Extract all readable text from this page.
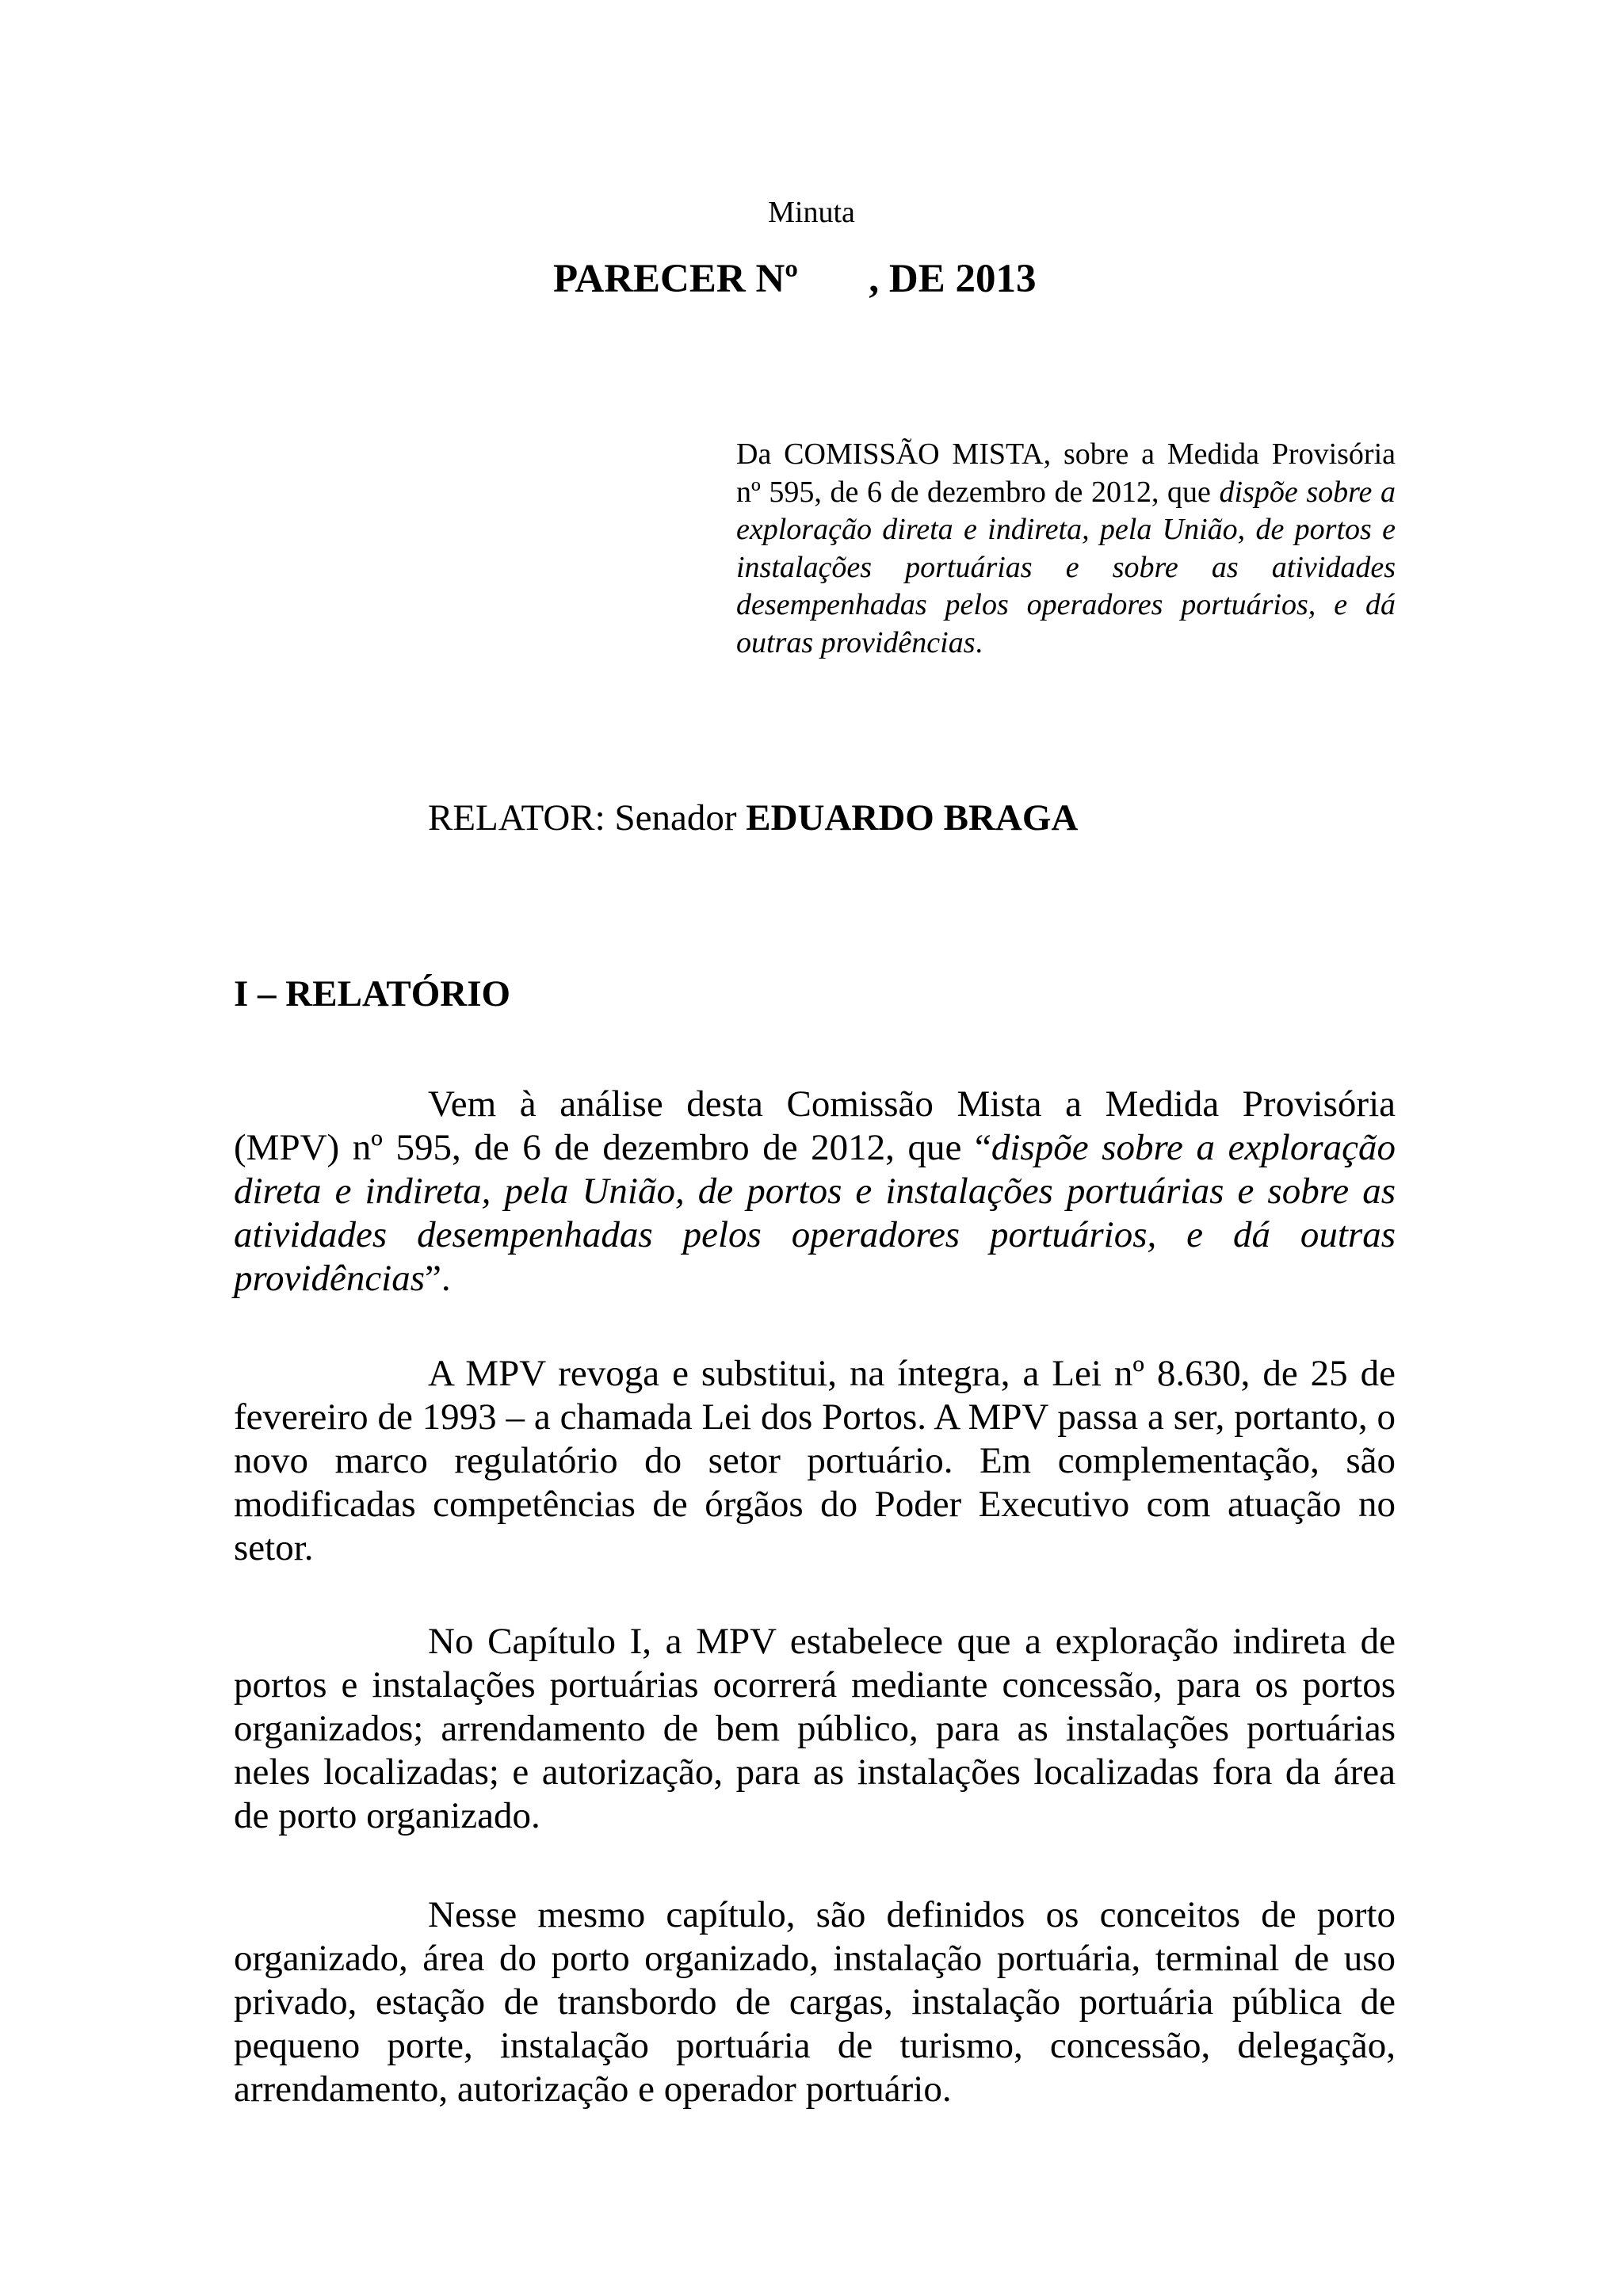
Minuta
PARECER Nº       , DE 2013
Da COMISSÃO MISTA, sobre a Medida Provisória nº 595, de 6 de dezembro de 2012, que dispõe sobre a exploração direta e indireta, pela União, de portos e instalações portuárias e sobre as atividades desempenhadas pelos operadores portuários, e dá outras providências.
RELATOR: Senador EDUARDO BRAGA
I – RELATÓRIO
Vem à análise desta Comissão Mista a Medida Provisória (MPV) nº 595, de 6 de dezembro de 2012, que “dispõe sobre a exploração direta e indireta, pela União, de portos e instalações portuárias e sobre as atividades desempenhadas pelos operadores portuários, e dá outras providências”.
A MPV revoga e substitui, na íntegra, a Lei nº 8.630, de 25 de fevereiro de 1993 – a chamada Lei dos Portos. A MPV passa a ser, portanto, o novo marco regulatório do setor portuário. Em complementação, são modificadas competências de órgãos do Poder Executivo com atuação no setor.
No Capítulo I, a MPV estabelece que a exploração indireta de portos e instalações portuárias ocorrerá mediante concessão, para os portos organizados; arrendamento de bem público, para as instalações portuárias neles localizadas; e autorização, para as instalações localizadas fora da área de porto organizado.
Nesse mesmo capítulo, são definidos os conceitos de porto organizado, área do porto organizado, instalação portuária, terminal de uso privado, estação de transbordo de cargas, instalação portuária pública de pequeno porte, instalação portuária de turismo, concessão, delegação, arrendamento, autorização e operador portuário.
